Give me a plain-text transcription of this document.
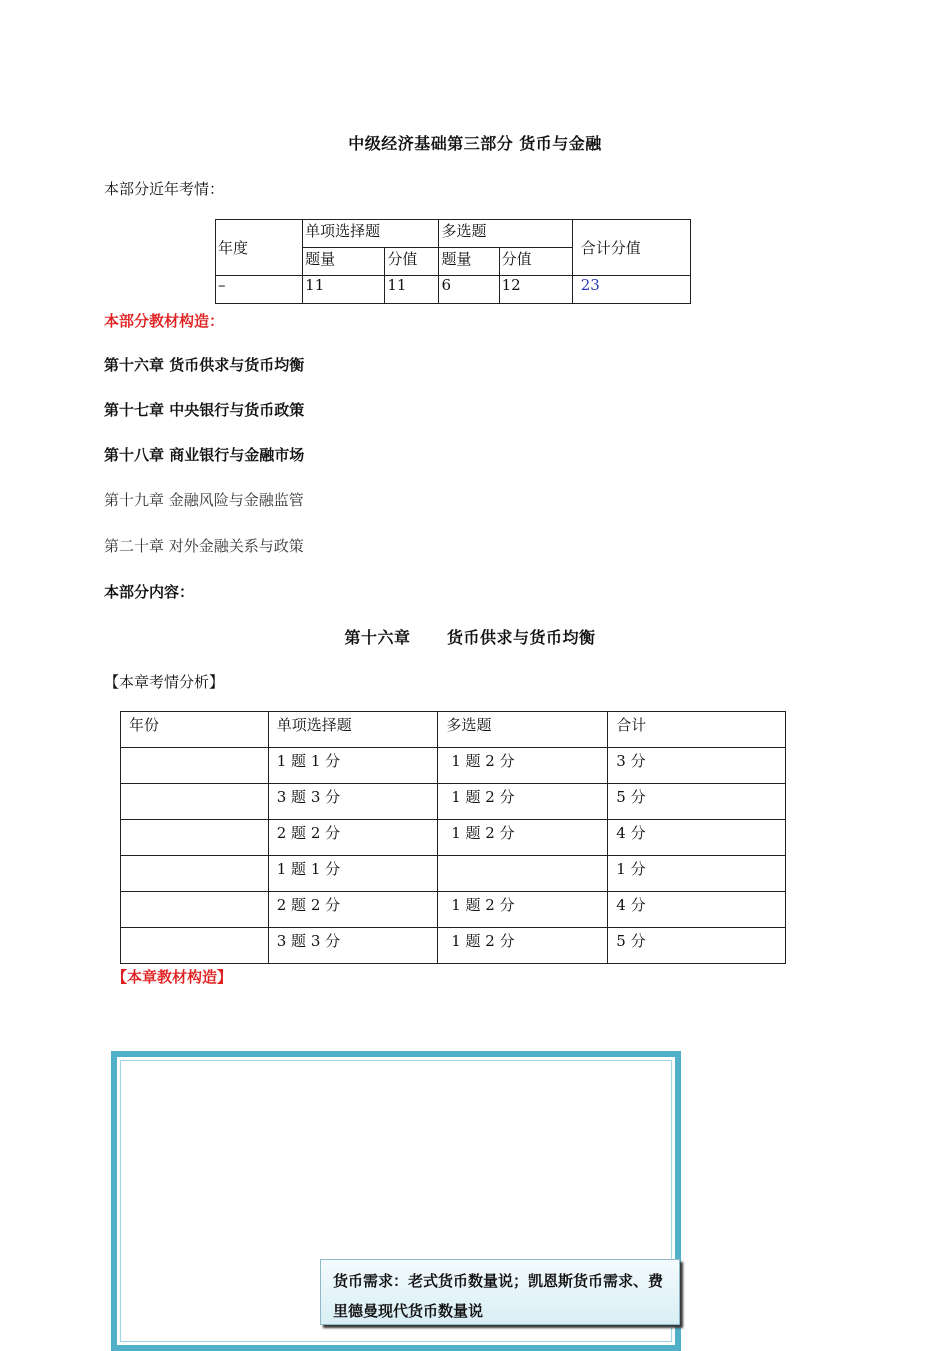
中级经济基础第三部分 货币与金融
本部分近年考情：
年度	单项选择题		多选题		合计分值
	题量	分值	题量	分值	
–	11	11	6	12	23
本部分教材构造：
第十六章 货币供求与货币均衡
第十七章 中央银行与货币政策
第十八章 商业银行与金融市场
第十九章 金融风险与金融监管
第二十章 对外金融关系与政策
本部分内容：
第十六章      货币供求与货币均衡
【本章考情分析】
年份	单项选择题	多选题	合计
	1 题 1 分	1 题 2 分	3 分
	3 题 3 分	1 题 2 分	5 分
	2 题 2 分	1 题 2 分	4 分
	1 题 1 分		1 分
	2 题 2 分	1 题 2 分	4 分
	3 题 3 分	1 题 2 分	5 分
【本章教材构造】
货币需求：老式货币数量说；凯恩斯货币需求、费里德曼现代货币数量说
